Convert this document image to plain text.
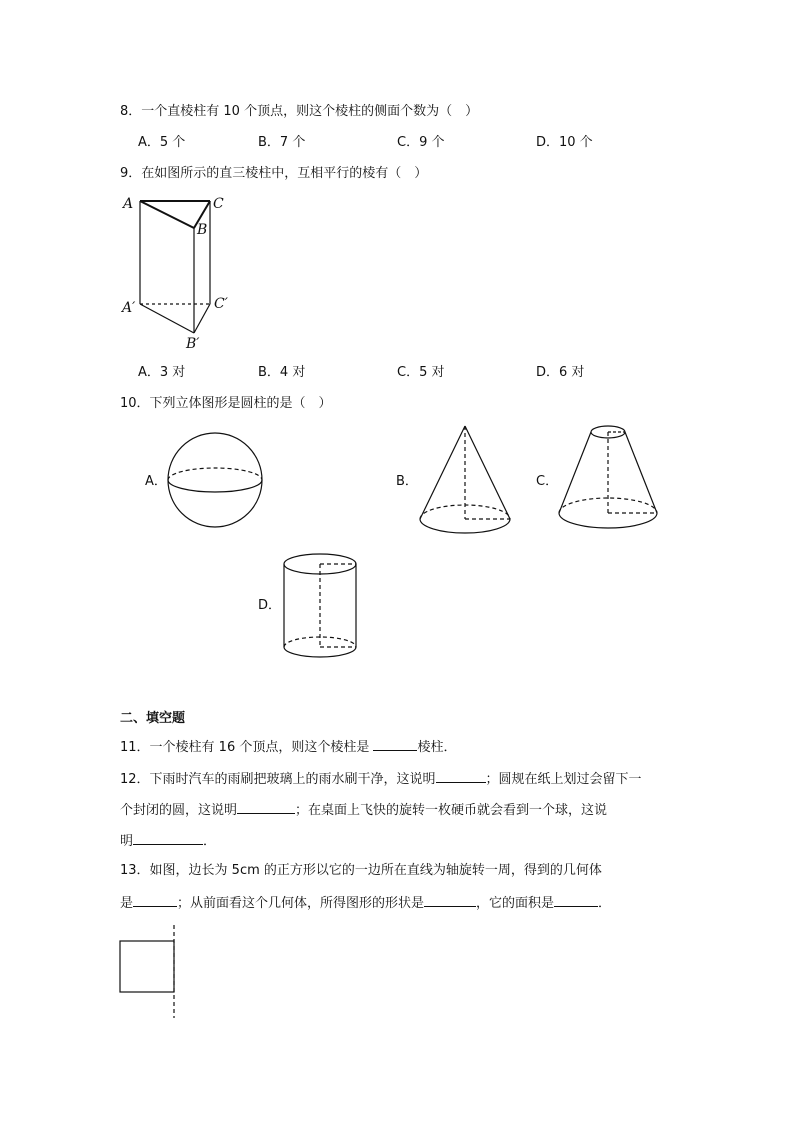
8．一个直棱柱有 10 个顶点，则这个棱柱的侧面个数为（　）
A．5 个	B．7 个	C．9 个	D．10 个
9．在如图所示的直三棱柱中，互相平行的棱有（　）
A	C
B
A′	C′
B′
A．3 对	B．4 对	C．5 对	D．6 对
10．下列立体图形是圆柱的是（　）
A．	B．	C．
D．
二、填空题
11．一个棱柱有 16 个顶点，则这个棱柱是	棱柱．
12．下雨时汽车的雨刷把玻璃上的雨水刷干净，这说明	；圆规在纸上划过会留下一
个封闭的圆，这说明	；在桌面上飞快的旋转一枚硬币就会看到一个球，这说
明	．
13．如图，边长为 5cm 的正方形以它的一边所在直线为轴旋转一周，得到的几何体
是	；从前面看这个几何体，所得图形的形状是	，它的面积是	．
